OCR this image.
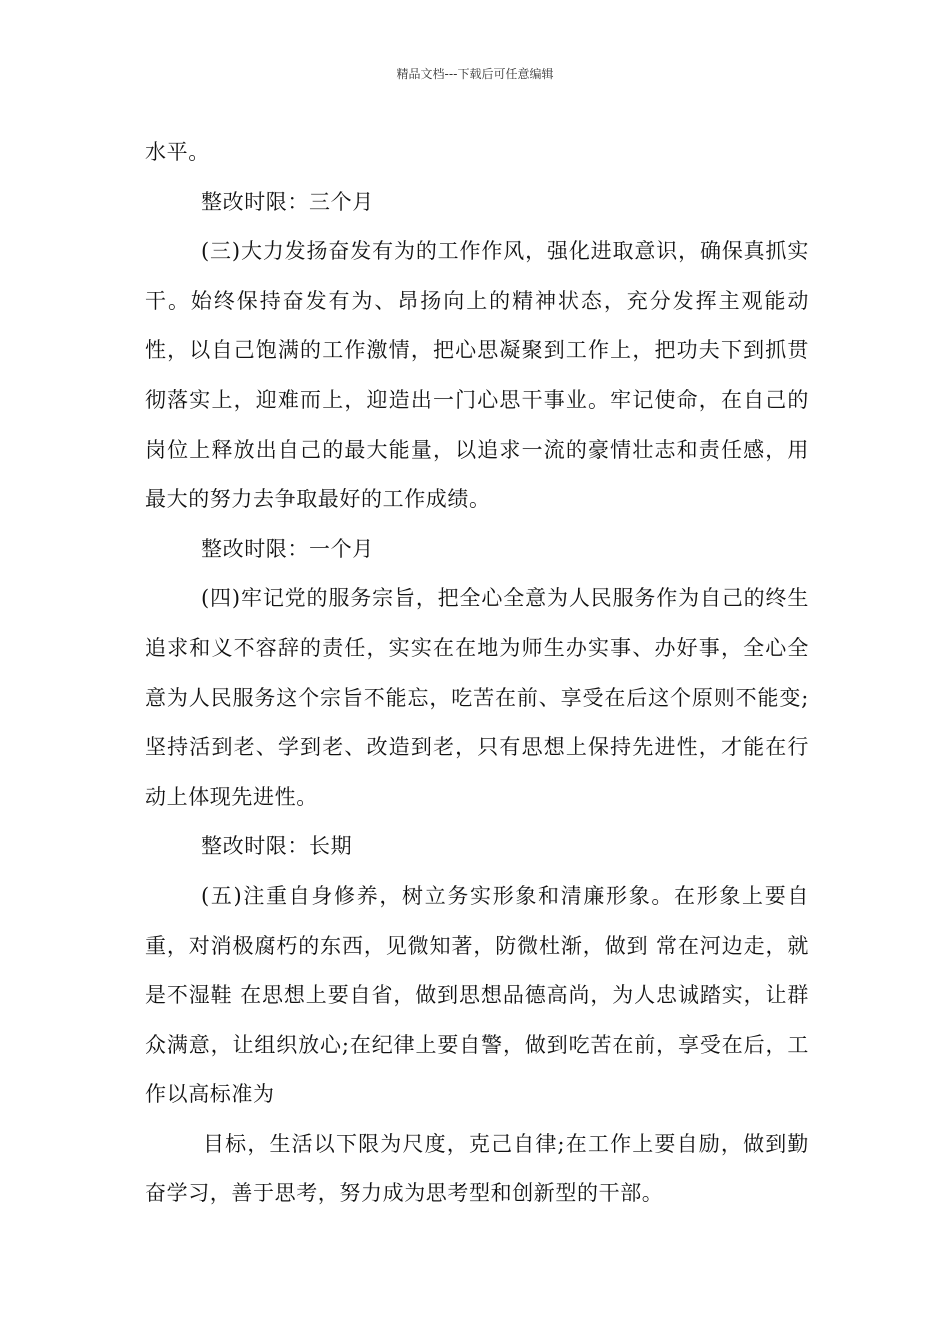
精品文档---下载后可任意编辑

水平。

整改时限：三个月

(三)大力发扬奋发有为的工作作风，强化进取意识，确保真抓实干。始终保持奋发有为、昂扬向上的精神状态，充分发挥主观能动性，以自己饱满的工作激情，把心思凝聚到工作上，把功夫下到抓贯彻落实上，迎难而上，迎造出一门心思干事业。牢记使命，在自己的岗位上释放出自己的最大能量，以追求一流的豪情壮志和责任感，用最大的努力去争取最好的工作成绩。

整改时限：一个月

(四)牢记党的服务宗旨，把全心全意为人民服务作为自己的终生追求和义不容辞的责任，实实在在地为师生办实事、办好事，全心全意为人民服务这个宗旨不能忘，吃苦在前、享受在后这个原则不能变;坚持活到老、学到老、改造到老，只有思想上保持先进性，才能在行动上体现先进性。

整改时限：长期

(五)注重自身修养，树立务实形象和清廉形象。在形象上要自重，对消极腐朽的东西，见微知著，防微杜渐，做到 常在河边走，就是不湿鞋 在思想上要自省，做到思想品德高尚，为人忠诚踏实，让群众满意，让组织放心;在纪律上要自警，做到吃苦在前，享受在后，工作以高标准为

目标，生活以下限为尺度，克己自律;在工作上要自励，做到勤奋学习，善于思考，努力成为思考型和创新型的干部。
